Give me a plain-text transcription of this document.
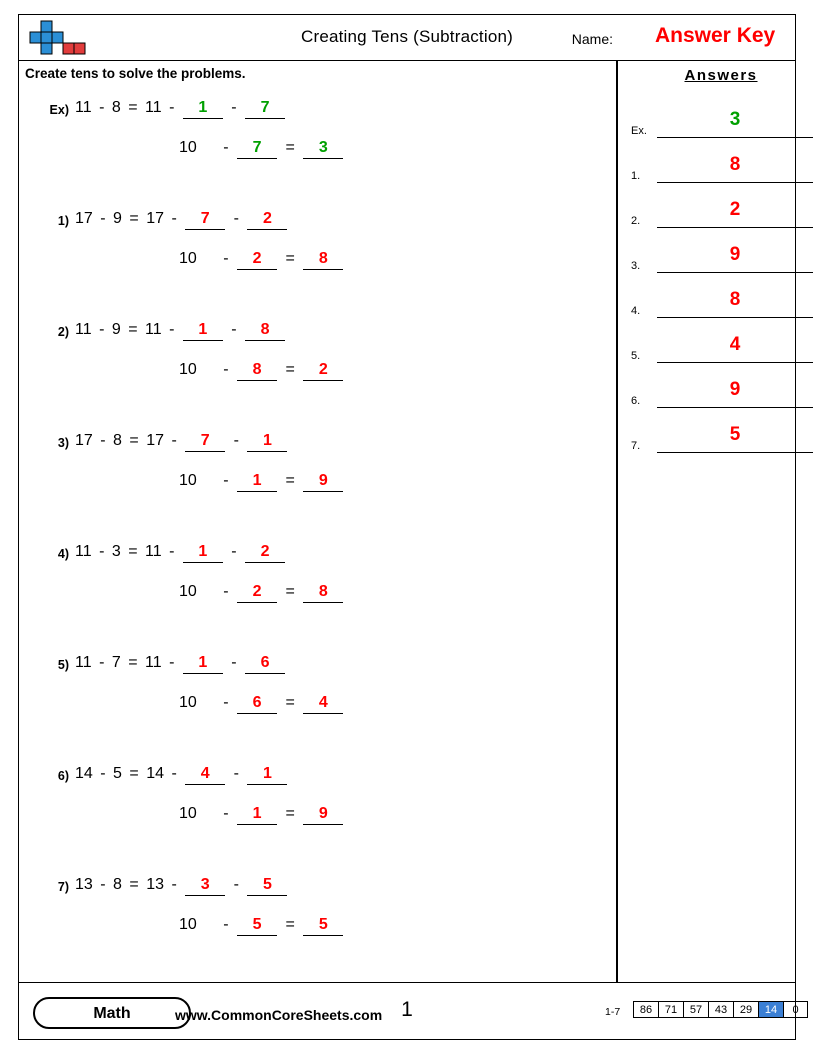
Creating Tens (Subtraction)	Name: Answer Key
Create tens to solve the problems.
Ex) 11 - 8 = 11 - 1 - 7
10 - 7 = 3
1) 17 - 9 = 17 - 7 - 2
10 - 2 = 8
2) 11 - 9 = 11 - 1 - 8
10 - 8 = 2
3) 17 - 8 = 17 - 7 - 1
10 - 1 = 9
4) 11 - 3 = 11 - 1 - 2
10 - 2 = 8
5) 11 - 7 = 11 - 1 - 6
10 - 6 = 4
6) 14 - 5 = 14 - 4 - 1
10 - 1 = 9
7) 13 - 8 = 13 - 3 - 5
10 - 5 = 5
Answers
Ex.
3
1.
8
2.
2
3.
9
4.
8
5.
4
6.
9
7.
5
Math	www.CommonCoreSheets.com 1	1-7	86	71	57	43	29	14	0
